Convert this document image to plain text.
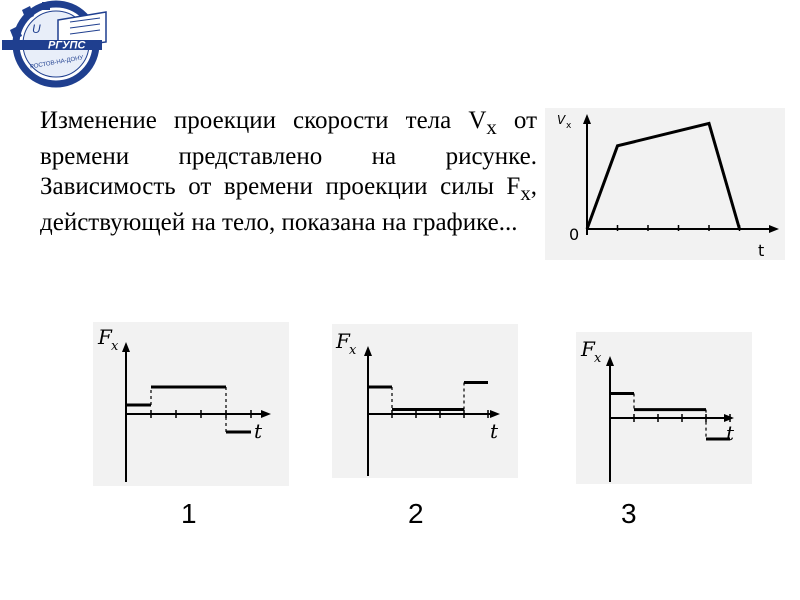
U
РГУПС
РОСТОВ-НА-ДОНУ
Изменение проекции скорости тела $V_x$ от времени представлено на рисунке. Зависимость от времени проекции силы $F_x$, действующей на тело, показана на графике...
V x
0
t
F x
t
F x
t
F x
t
1	2	3
